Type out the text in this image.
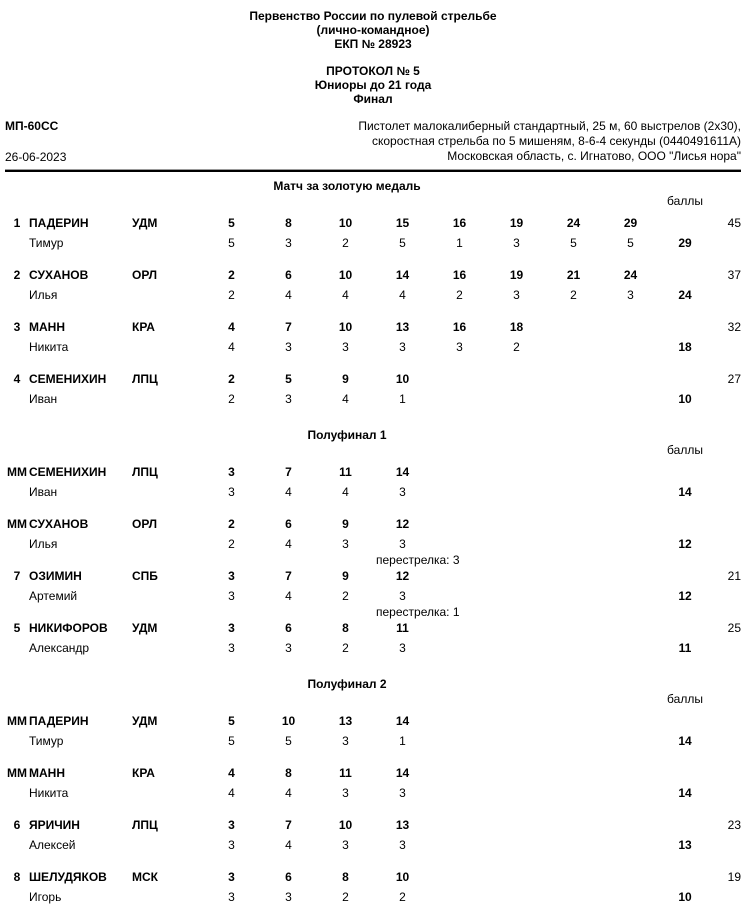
Первенство России по пулевой стрельбе
(лично-командное)
ЕКП № 28923
ПРОТОКОЛ № 5
Юниоры до 21 года
Финал
МП-60СС
26-06-2023
Пистолет малокалиберный стандартный, 25 м, 60 выстрелов (2x30),
скоростная стрельба по 5 мишеням, 8-6-4 секунды (0440491611А)
Московская область, с. Игнатово, ООО "Лисья нора"
Матч за золотую медаль
баллы
1 ПАДЕРИН	УДМ	5	8	10	15	16	19	24	29	45
Тимур	5	3	2	5	1	3	5	5	29
2 СУХАНОВ	ОРЛ	2	6	10	14	16	19	21	24	37
Илья	2	4	4	4	2	3	2	3	24
3 МАНН	КРА	4	7	10	13	16	18	32
Никита	4	3	3	3	3	2	18
4 СЕМЕНИХИН	ЛПЦ	2	5	9	10	27
Иван	2	3	4	1	10
Полуфинал 1
баллы
ММ СЕМЕНИХИН	ЛПЦ	3	7	11	14
Иван	3	4	4	3	14
ММ СУХАНОВ	ОРЛ	2	6	9	12
Илья	2	4	3	3	12
перестрелка: 3
7 ОЗИМИН	СПБ	3	7	9	12	21
Артемий	3	4	2	3	12
перестрелка: 1
5 НИКИФОРОВ	УДМ	3	6	8	11	25
Александр	3	3	2	3	11
Полуфинал 2
баллы
ММ ПАДЕРИН	УДМ	5	10	13	14
Тимур	5	5	3	1	14
ММ МАНН	КРА	4	8	11	14
Никита	4	4	3	3	14
6 ЯРИЧИН	ЛПЦ	3	7	10	13	23
Алексей	3	4	3	3	13
8 ШЕЛУДЯКОВ	МСК	3	6	8	10	19
Игорь	3	3	2	2	10
